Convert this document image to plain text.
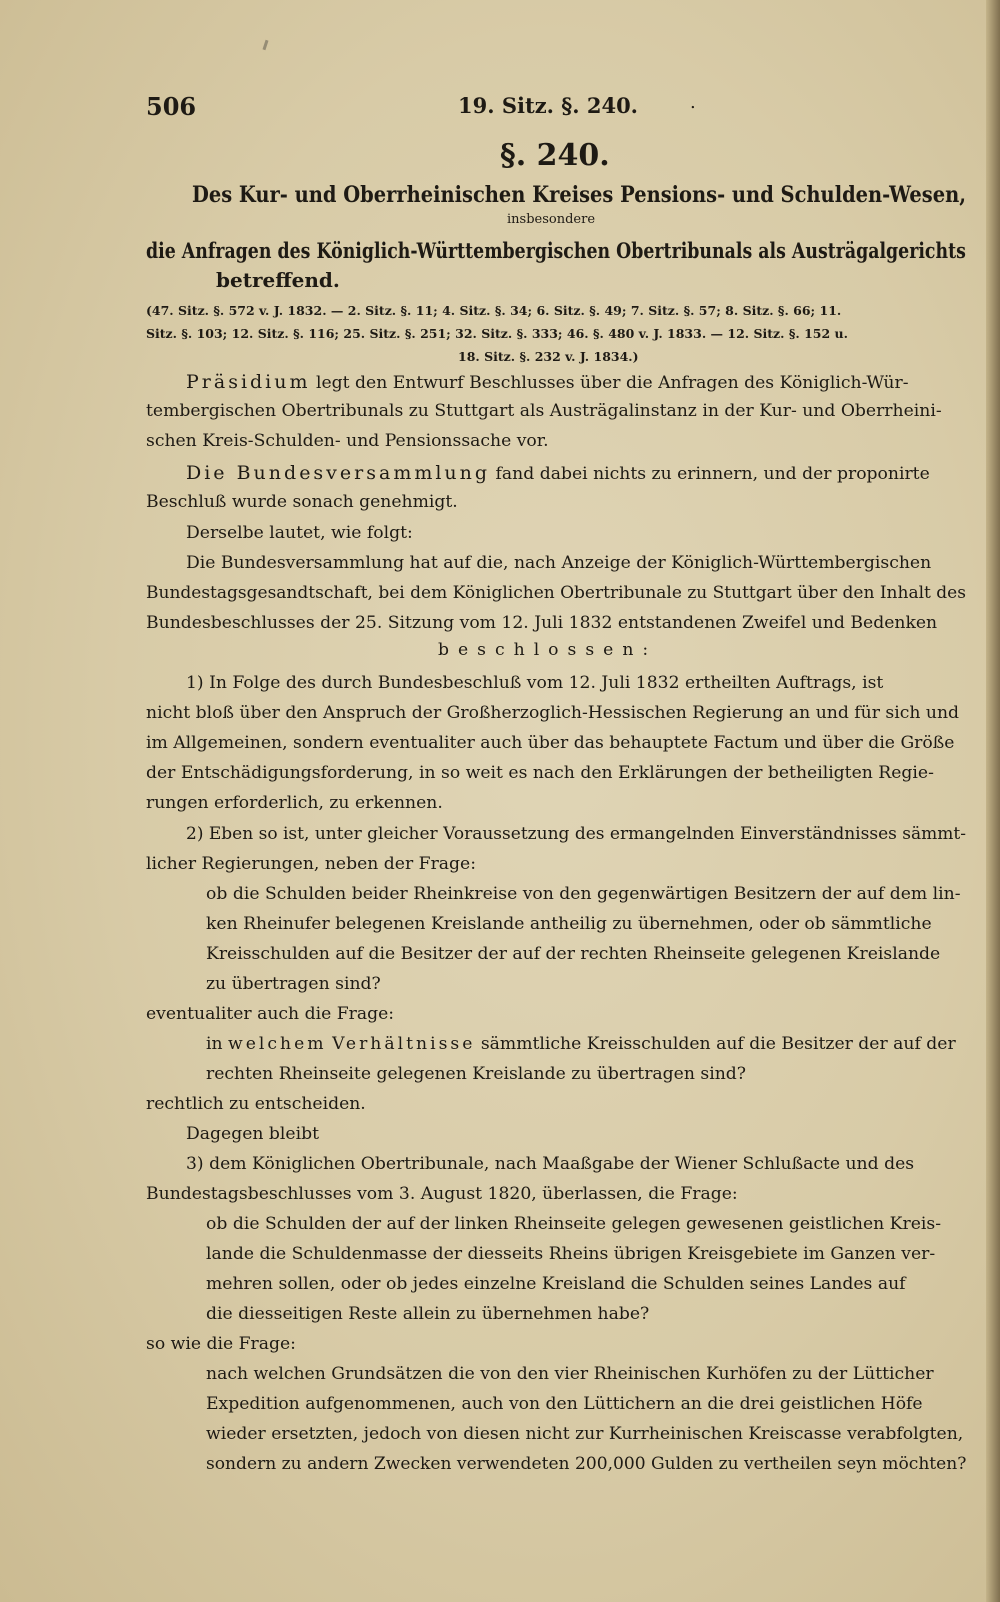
506	19. Sitz. §. 240.	.
§. 240.
Des Kur- und Oberrheinischen Kreises Pensions- und Schulden-Wesen,
insbesondere
die Anfragen des Königlich-Württembergischen Obertribunals als Austrägalgerichts
betreffend.
(47. Sitz. §. 572 v. J. 1832. — 2. Sitz. §. 11; 4. Sitz. §. 34; 6. Sitz. §. 49; 7. Sitz. §. 57; 8. Sitz. §. 66; 11.
Sitz. §. 103; 12. Sitz. §. 116; 25. Sitz. §. 251; 32. Sitz. §. 333; 46. §. 480 v. J. 1833. — 12. Sitz. §. 152 u.
18. Sitz. §. 232 v. J. 1834.)
Präsidium legt den Entwurf Beschlusses über die Anfragen des Königlich-Wür-
tembergischen Obertribunals zu Stuttgart als Austrägalinstanz in der Kur- und Oberrheini-
schen Kreis-Schulden- und Pensionssache vor.
Die Bundesversammlung fand dabei nichts zu erinnern, und der proponirte
Beschluß wurde sonach genehmigt.
Derselbe lautet, wie folgt:
Die Bundesversammlung hat auf die, nach Anzeige der Königlich-Württembergischen
Bundestagsgesandtschaft, bei dem Königlichen Obertribunale zu Stuttgart über den Inhalt des
Bundesbeschlusses der 25. Sitzung vom 12. Juli 1832 entstandenen Zweifel und Bedenken
beschlossen:
1) In Folge des durch Bundesbeschluß vom 12. Juli 1832 ertheilten Auftrags, ist
nicht bloß über den Anspruch der Großherzoglich-Hessischen Regierung an und für sich und
im Allgemeinen, sondern eventualiter auch über das behauptete Factum und über die Größe
der Entschädigungsforderung, in so weit es nach den Erklärungen der betheiligten Regie-
rungen erforderlich, zu erkennen.
2) Eben so ist, unter gleicher Voraussetzung des ermangelnden Einverständnisses sämmt-
licher Regierungen, neben der Frage:
ob die Schulden beider Rheinkreise von den gegenwärtigen Besitzern der auf dem lin-
ken Rheinufer belegenen Kreislande antheilig zu übernehmen, oder ob sämmtliche
Kreisschulden auf die Besitzer der auf der rechten Rheinseite gelegenen Kreislande
zu übertragen sind?
eventualiter auch die Frage:
in welchem Verhältnisse sämmtliche Kreisschulden auf die Besitzer der auf der
rechten Rheinseite gelegenen Kreislande zu übertragen sind?
rechtlich zu entscheiden.
Dagegen bleibt
3) dem Königlichen Obertribunale, nach Maaßgabe der Wiener Schlußacte und des
Bundestagsbeschlusses vom 3. August 1820, überlassen, die Frage:
ob die Schulden der auf der linken Rheinseite gelegen gewesenen geistlichen Kreis-
lande die Schuldenmasse der diesseits Rheins übrigen Kreisgebiete im Ganzen ver-
mehren sollen, oder ob jedes einzelne Kreisland die Schulden seines Landes auf
die diesseitigen Reste allein zu übernehmen habe?
so wie die Frage:
nach welchen Grundsätzen die von den vier Rheinischen Kurhöfen zu der Lütticher
Expedition aufgenommenen, auch von den Lüttichern an die drei geistlichen Höfe
wieder ersetzten, jedoch von diesen nicht zur Kurrheinischen Kreiscasse verabfolgten,
sondern zu andern Zwecken verwendeten 200,000 Gulden zu vertheilen seyn möchten?
